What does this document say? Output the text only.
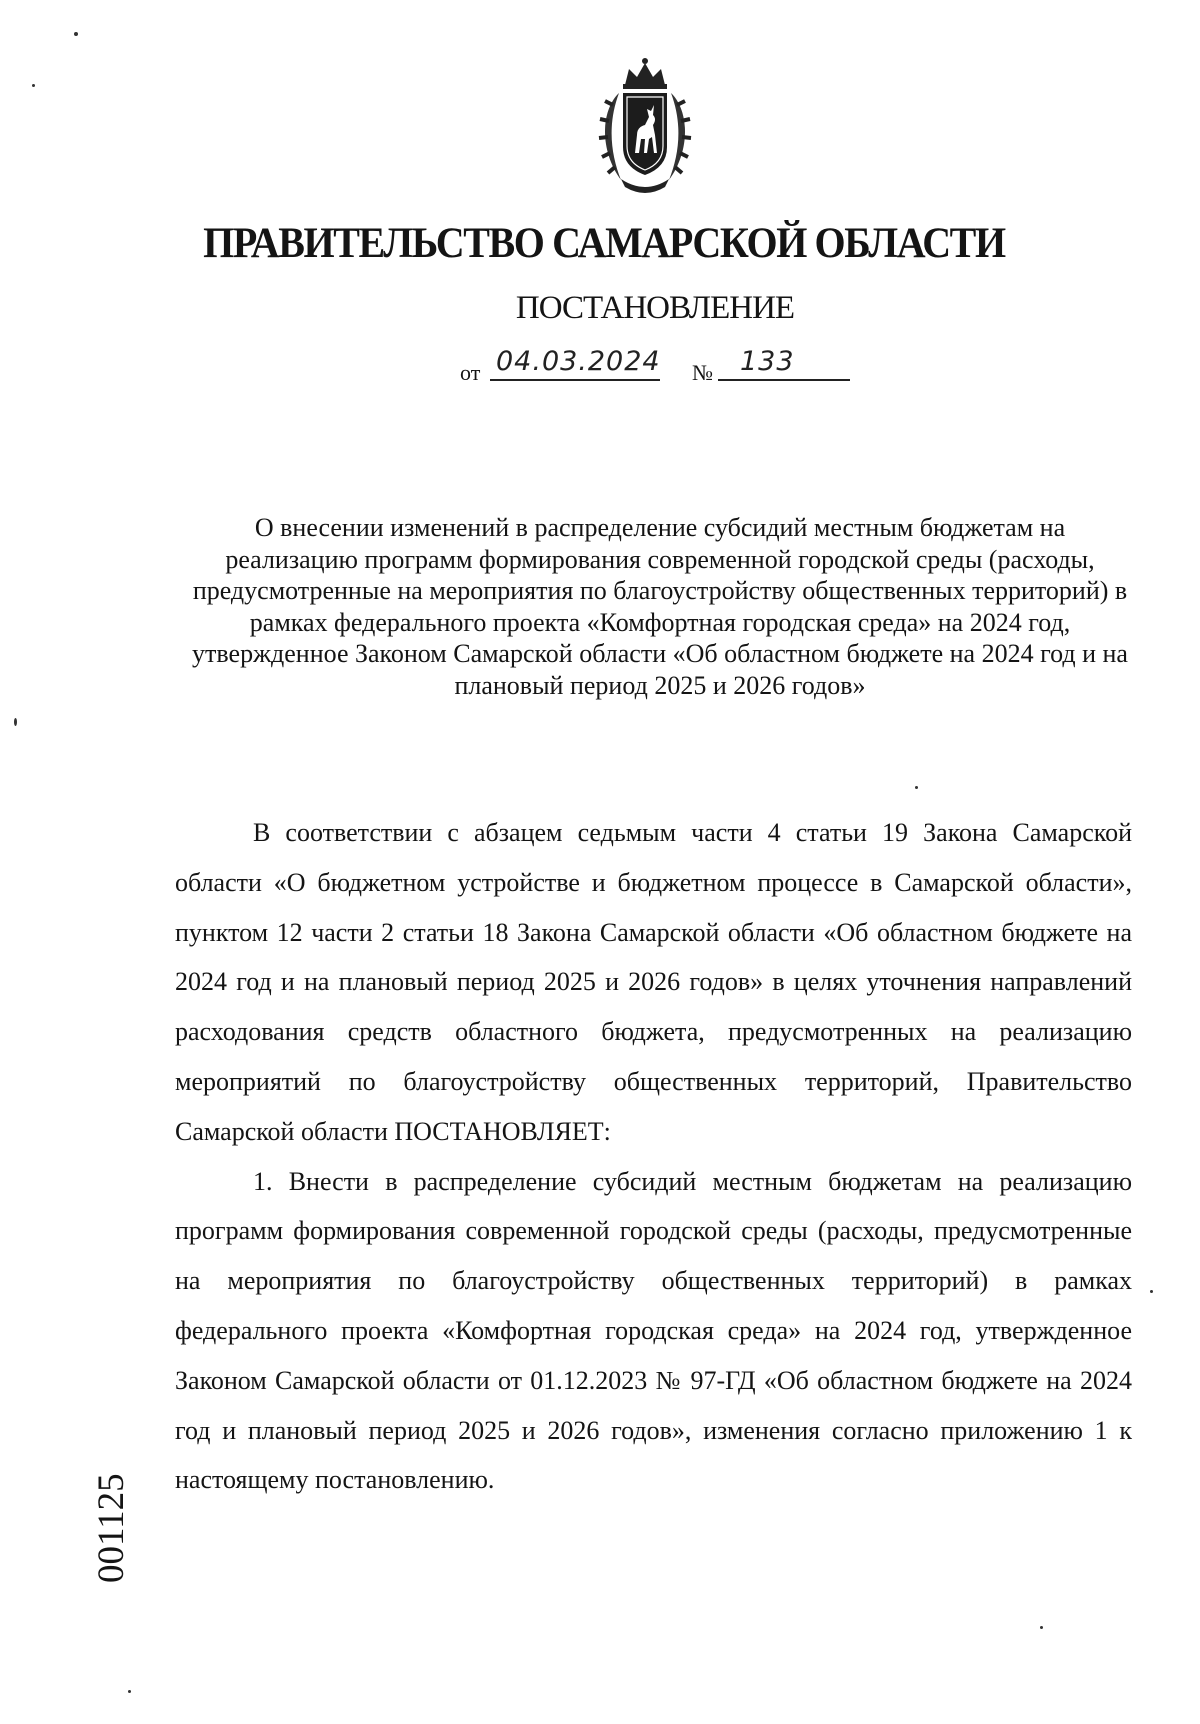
ПРАВИТЕЛЬСТВО САМАРСКОЙ ОБЛАСТИ
ПОСТАНОВЛЕНИЕ
от 04.03.2024 № 133
О внесении изменений в распределение субсидий местным бюджетам на реализацию программ формирования современной городской среды (расходы, предусмотренные на мероприятия по благоустройству общественных территорий) в рамках федерального проекта «Комфортная городская среда» на 2024 год, утвержденное Законом Самарской области «Об областном бюджете на 2024 год и на плановый период 2025 и 2026 годов»

В соответствии с абзацем седьмым части 4 статьи 19 Закона Самарской области «О бюджетном устройстве и бюджетном процессе в Самарской области», пунктом 12 части 2 статьи 18 Закона Самарской области «Об областном бюджете на 2024 год и на плановый период 2025 и 2026 годов» в целях уточнения направлений расходования средств областного бюджета, предусмотренных на реализацию мероприятий по благоустройству общественных территорий, Правительство Самарской области ПОСТАНОВЛЯЕТ:

1. Внести в распределение субсидий местным бюджетам на реализацию программ формирования современной городской среды (расходы, предусмотренные на мероприятия по благоустройству общественных территорий) в рамках федерального проекта «Комфортная городская среда» на 2024 год, утвержденное Законом Самарской области от 01.12.2023 № 97-ГД «Об областном бюджете на 2024 год и плановый период 2025 и 2026 годов», изменения согласно приложению 1 к настоящему постановлению.

001125
